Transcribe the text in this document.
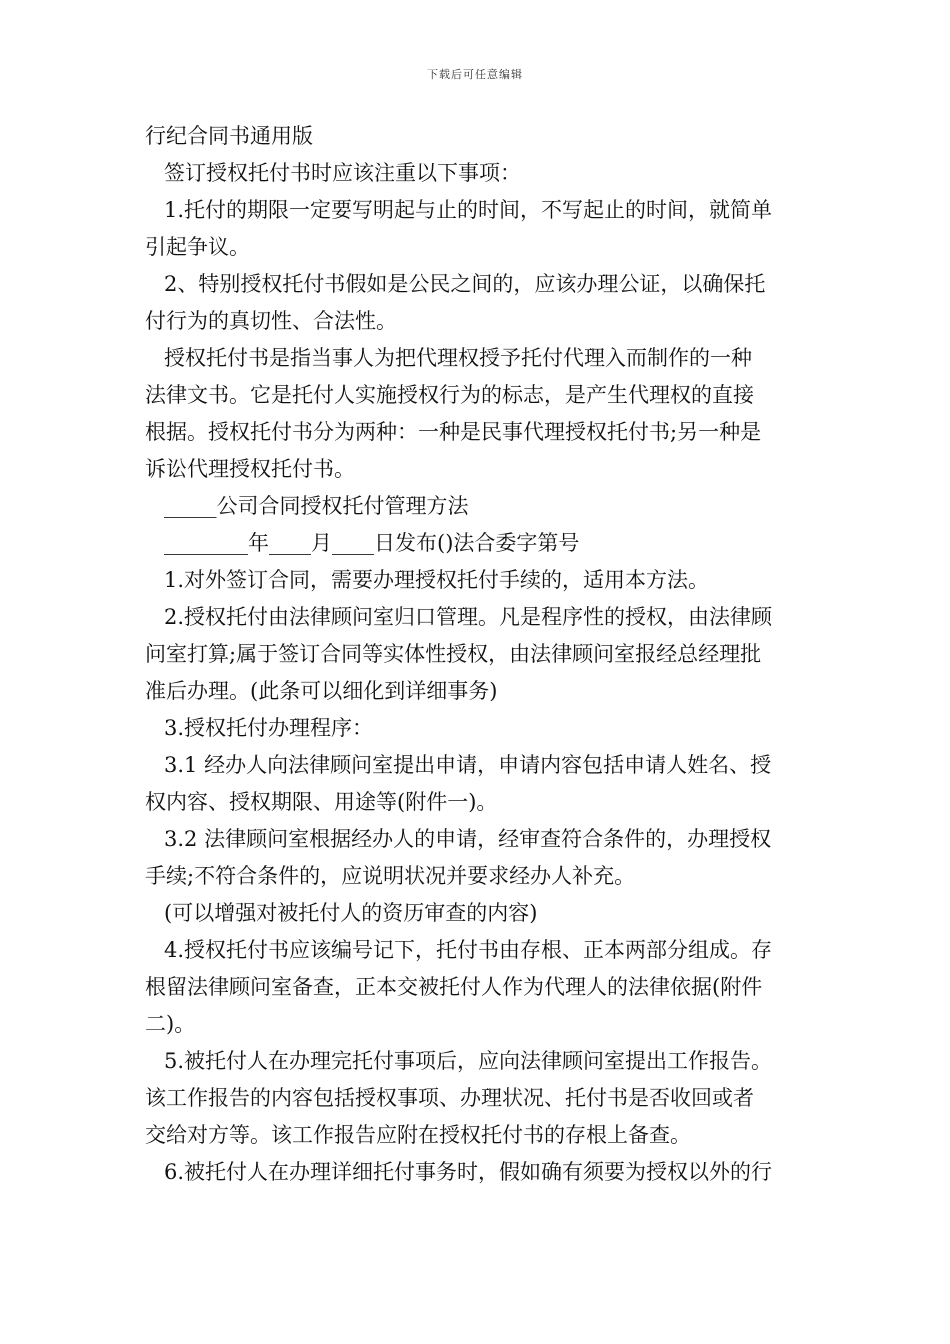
下载后可任意编辑
行纪合同书通用版
签订授权托付书时应该注重以下事项：
1.托付的期限一定要写明起与止的时间，不写起止的时间，就简单
引起争议。
2、特别授权托付书假如是公民之间的，应该办理公证，以确保托
付行为的真切性、合法性。
授权托付书是指当事人为把代理权授予托付代理入而制作的一种
法律文书。它是托付人实施授权行为的标志，是产生代理权的直接
根据。授权托付书分为两种：一种是民事代理授权托付书;另一种是
诉讼代理授权托付书。
_____公司合同授权托付管理方法
________年____月____日发布()法合委字第号
1.对外签订合同，需要办理授权托付手续的，适用本方法。
2.授权托付由法律顾问室归口管理。凡是程序性的授权，由法律顾
问室打算;属于签订合同等实体性授权，由法律顾问室报经总经理批
准后办理。(此条可以细化到详细事务)
3.授权托付办理程序：
3.1 经办人向法律顾问室提出申请，申请内容包括申请人姓名、授
权内容、授权期限、用途等(附件一)。
3.2 法律顾问室根据经办人的申请，经审查符合条件的，办理授权
手续;不符合条件的，应说明状况并要求经办人补充。
(可以增强对被托付人的资历审查的内容)
4.授权托付书应该编号记下，托付书由存根、正本两部分组成。存
根留法律顾问室备查，正本交被托付人作为代理人的法律依据(附件
二)。
5.被托付人在办理完托付事项后，应向法律顾问室提出工作报告。
该工作报告的内容包括授权事项、办理状况、托付书是否收回或者
交给对方等。该工作报告应附在授权托付书的存根上备查。
6.被托付人在办理详细托付事务时，假如确有须要为授权以外的行
